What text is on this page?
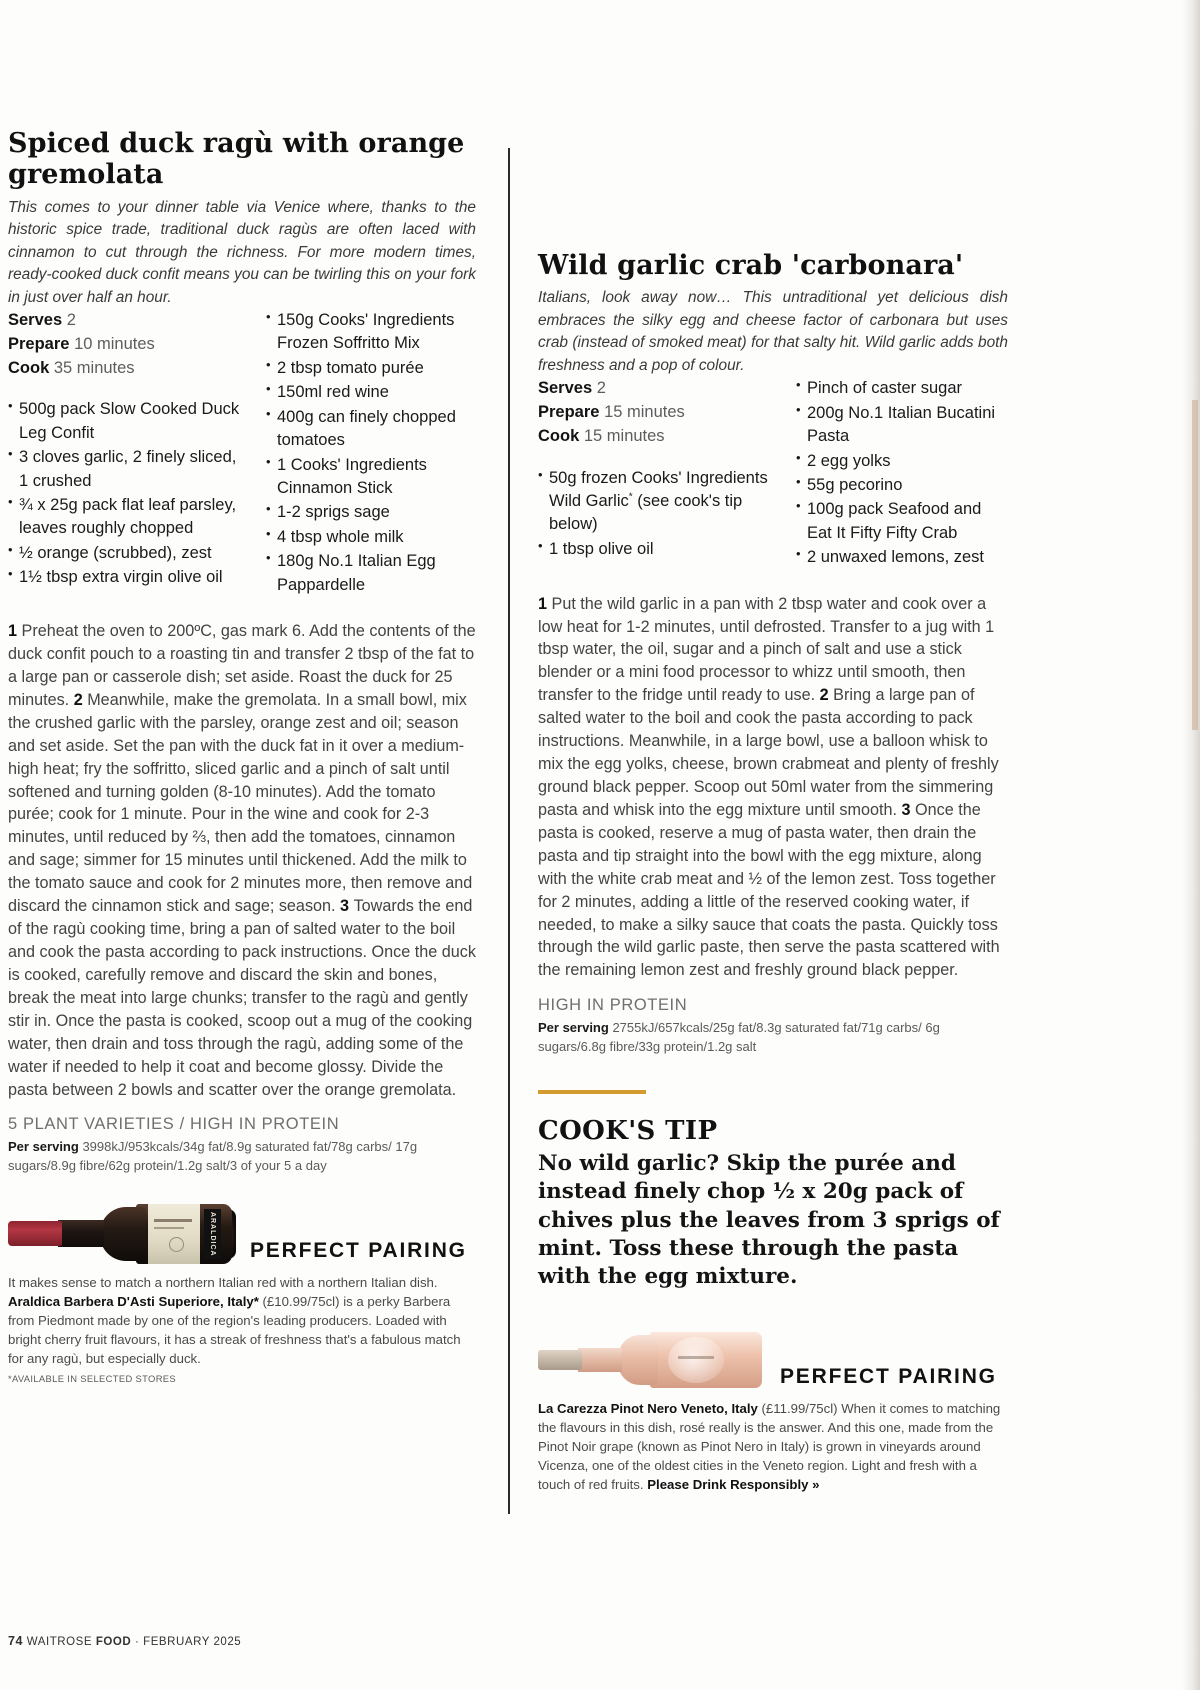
Spiced duck ragù with orange gremolata

This comes to your dinner table via Venice where, thanks to the historic spice trade, traditional duck ragùs are often laced with cinnamon to cut through the richness. For more modern times, ready-cooked duck confit means you can be twirling this on your fork in just over half an hour.

Serves 2
Prepare 10 minutes
Cook 35 minutes
• 500g pack Slow Cooked Duck Leg Confit
• 3 cloves garlic, 2 finely sliced, 1 crushed
• ¾ x 25g pack flat leaf parsley, leaves roughly chopped
• ½ orange (scrubbed), zest
• 1½ tbsp extra virgin olive oil
• 150g Cooks' Ingredients Frozen Soffritto Mix
• 2 tbsp tomato purée
• 150ml red wine
• 400g can finely chopped tomatoes
• 1 Cooks' Ingredients Cinnamon Stick
• 1-2 sprigs sage
• 4 tbsp whole milk
• 180g No.1 Italian Egg Pappardelle
1 Preheat the oven to 200ºC, gas mark 6. Add the contents of the duck confit pouch to a roasting tin and transfer 2 tbsp of the fat to a large pan or casserole dish; set aside. Roast the duck for 25 minutes. 2 Meanwhile, make the gremolata. In a small bowl, mix the crushed garlic with the parsley, orange zest and oil; season and set aside. Set the pan with the duck fat in it over a medium-high heat; fry the soffritto, sliced garlic and a pinch of salt until softened and turning golden (8-10 minutes). Add the tomato purée; cook for 1 minute. Pour in the wine and cook for 2-3 minutes, until reduced by ⅔, then add the tomatoes, cinnamon and sage; simmer for 15 minutes until thickened. Add the milk to the tomato sauce and cook for 2 minutes more, then remove and discard the cinnamon stick and sage; season. 3 Towards the end of the ragù cooking time, bring a pan of salted water to the boil and cook the pasta according to pack instructions. Once the duck is cooked, carefully remove and discard the skin and bones, break the meat into large chunks; transfer to the ragù and gently stir in. Once the pasta is cooked, scoop out a mug of the cooking water, then drain and toss through the ragù, adding some of the water if needed to help it coat and become glossy. Divide the pasta between 2 bowls and scatter over the orange gremolata.
5 PLANT VARIETIES / HIGH IN PROTEIN
Per serving 3998kJ/953kcals/34g fat/8.9g saturated fat/78g carbs/ 17g sugars/8.9g fibre/62g protein/1.2g salt/3 of your 5 a day
ARALDICA PERFECT PAIRING
It makes sense to match a northern Italian red with a northern Italian dish. Araldica Barbera D'Asti Superiore, Italy* (£10.99/75cl) is a perky Barbera from Piedmont made by one of the region's leading producers. Loaded with bright cherry fruit flavours, it has a streak of freshness that's a fabulous match for any ragù, but especially duck.
*AVAILABLE IN SELECTED STORES
Wild garlic crab 'carbonara'

Italians, look away now… This untraditional yet delicious dish embraces the silky egg and cheese factor of carbonara but uses crab (instead of smoked meat) for that salty hit. Wild garlic adds both freshness and a pop of colour.

Serves 2
Prepare 15 minutes
Cook 15 minutes
• 50g frozen Cooks' Ingredients Wild Garlic* (see cook's tip below)
• 1 tbsp olive oil
• Pinch of caster sugar
• 200g No.1 Italian Bucatini Pasta
• 2 egg yolks
• 55g pecorino
• 100g pack Seafood and Eat It Fifty Fifty Crab
• 2 unwaxed lemons, zest
1 Put the wild garlic in a pan with 2 tbsp water and cook over a low heat for 1-2 minutes, until defrosted. Transfer to a jug with 1 tbsp water, the oil, sugar and a pinch of salt and use a stick blender or a mini food processor to whizz until smooth, then transfer to the fridge until ready to use. 2 Bring a large pan of salted water to the boil and cook the pasta according to pack instructions. Meanwhile, in a large bowl, use a balloon whisk to mix the egg yolks, cheese, brown crabmeat and plenty of freshly ground black pepper. Scoop out 50ml water from the simmering pasta and whisk into the egg mixture until smooth. 3 Once the pasta is cooked, reserve a mug of pasta water, then drain the pasta and tip straight into the bowl with the egg mixture, along with the white crab meat and ½ of the lemon zest. Toss together for 2 minutes, adding a little of the reserved cooking water, if needed, to make a silky sauce that coats the pasta. Quickly toss through the wild garlic paste, then serve the pasta scattered with the remaining lemon zest and freshly ground black pepper.
HIGH IN PROTEIN
Per serving 2755kJ/657kcals/25g fat/8.3g saturated fat/71g carbs/ 6g sugars/6.8g fibre/33g protein/1.2g salt
COOK'S TIP

No wild garlic? Skip the purée and instead finely chop ½ x 20g pack of chives plus the leaves from 3 sprigs of mint. Toss these through the pasta with the egg mixture.

PERFECT PAIRING
La Carezza Pinot Nero Veneto, Italy (£11.99/75cl) When it comes to matching the flavours in this dish, rosé really is the answer. And this one, made from the Pinot Noir grape (known as Pinot Nero in Italy) is grown in vineyards around Vicenza, one of the oldest cities in the Veneto region. Light and fresh with a touch of red fruits. Please Drink Responsibly »
74 WAITROSE FOOD · FEBRUARY 2025
